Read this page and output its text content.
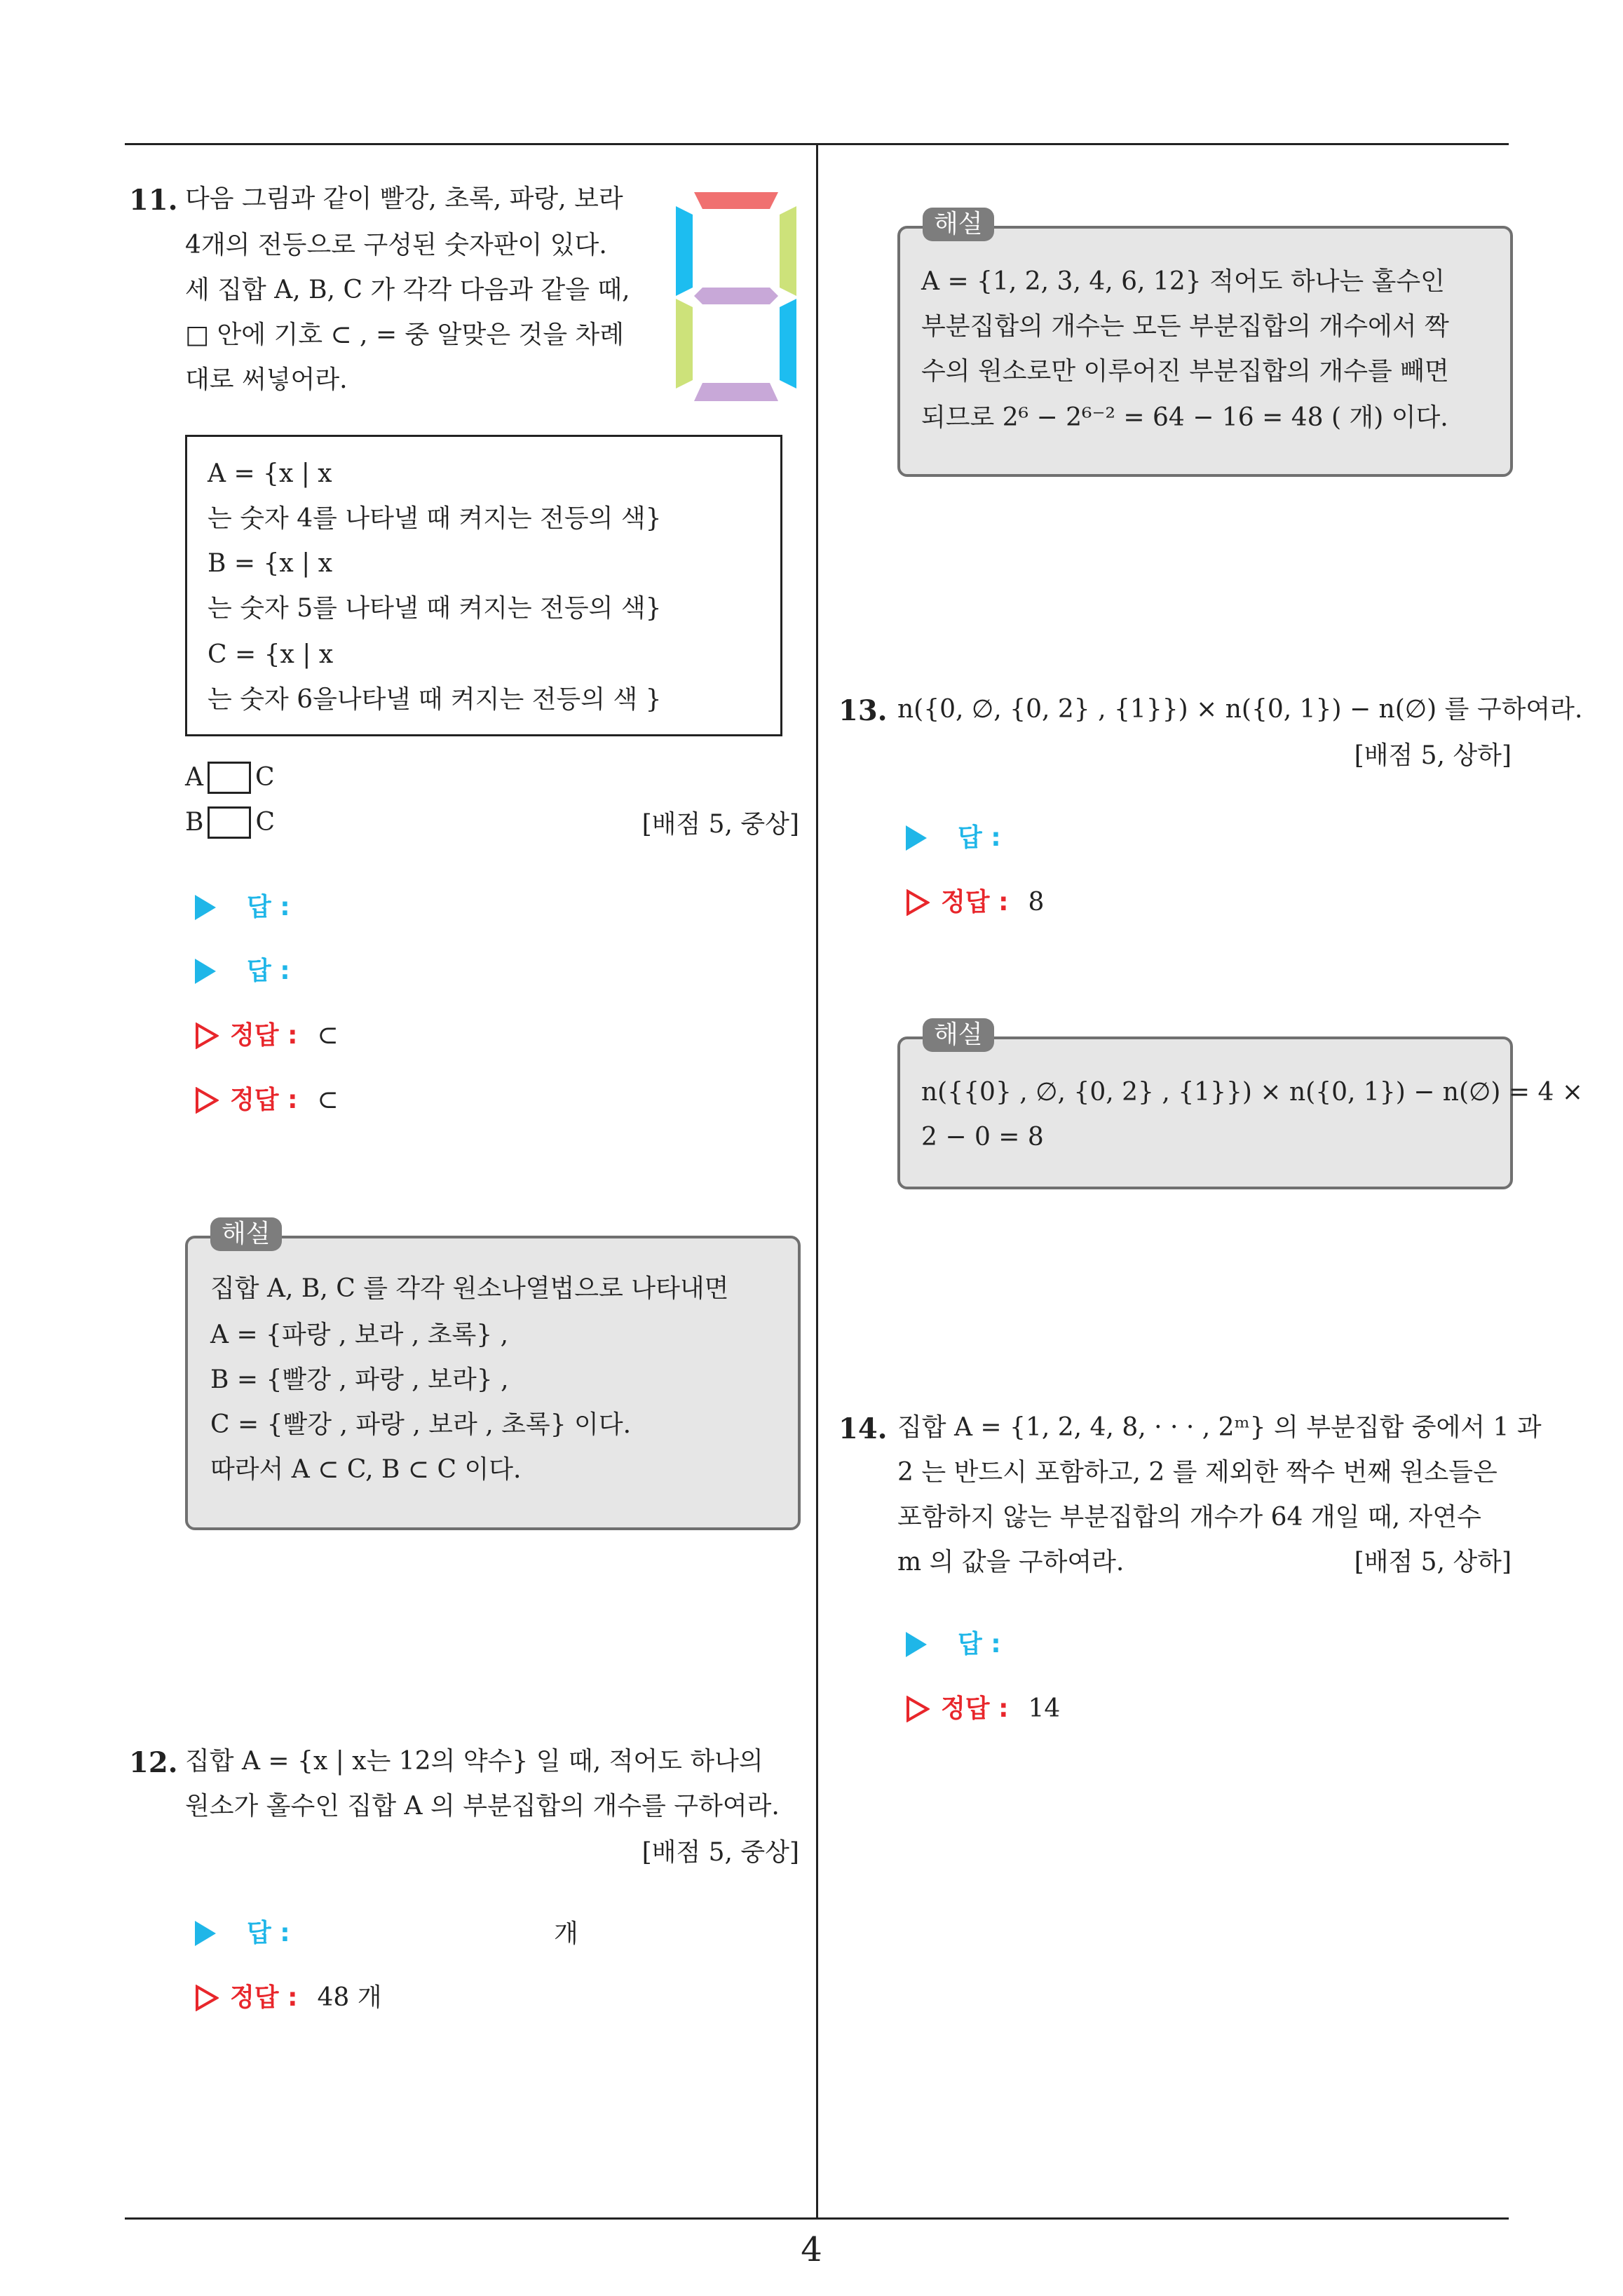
4
11. 다음 그림과 같이 빨강, 초록, 파랑, 보라
4개의 전등으로 구성된 숫자판이 있다.
세 집합 A, B, C 가 각각 다음과 같을 때,
□ 안에 기호 ⊂ , = 중 알맞은 것을 차례
대로 써넣어라.
A = {x | x
는 숫자 4를 나타낼 때 켜지는 전등의 색}
B = {x | x
는 숫자 5를 나타낼 때 켜지는 전등의 색}
C = {x | x
는 숫자 6을나타낼 때 켜지는 전등의 색 }
A C
B C	[배점 5, 중상]
답 :
답 :
정답 : ⊂
정답 : ⊂
해설
집합 A, B, C 를 각각 원소나열법으로 나타내면
A = {파랑 , 보라 , 초록} ,
B = {빨강 , 파랑 , 보라} ,
C = {빨강 , 파랑 , 보라 , 초록} 이다.
따라서 A ⊂ C, B ⊂ C 이다.
12. 집합 A = {x | x는 12의 약수} 일 때, 적어도 하나의
원소가 홀수인 집합 A 의 부분집합의 개수를 구하여라.
[배점 5, 중상]
답 :	개
정답 : 48 개
해설
A = {1, 2, 3, 4, 6, 12} 적어도 하나는 홀수인
부분집합의 개수는 모든 부분집합의 개수에서 짝
수의 원소로만 이루어진 부분집합의 개수를 빼면
되므로 2⁶ − 2⁶⁻² = 64 − 16 = 48 ( 개) 이다.
13. n({0, ∅, {0, 2} , {1}}) × n({0, 1}) − n(∅) 를 구하여라.
[배점 5, 상하]
답 :
정답 : 8
해설
n({{0} , ∅, {0, 2} , {1}}) × n({0, 1}) − n(∅) = 4 ×
2 − 0 = 8
14. 집합 A = {1, 2, 4, 8, · · · , 2ᵐ} 의 부분집합 중에서 1 과
2 는 반드시 포함하고, 2 를 제외한 짝수 번째 원소들은
포함하지 않는 부분집합의 개수가 64 개일 때, 자연수
m 의 값을 구하여라.	[배점 5, 상하]
답 :
정답 : 14
